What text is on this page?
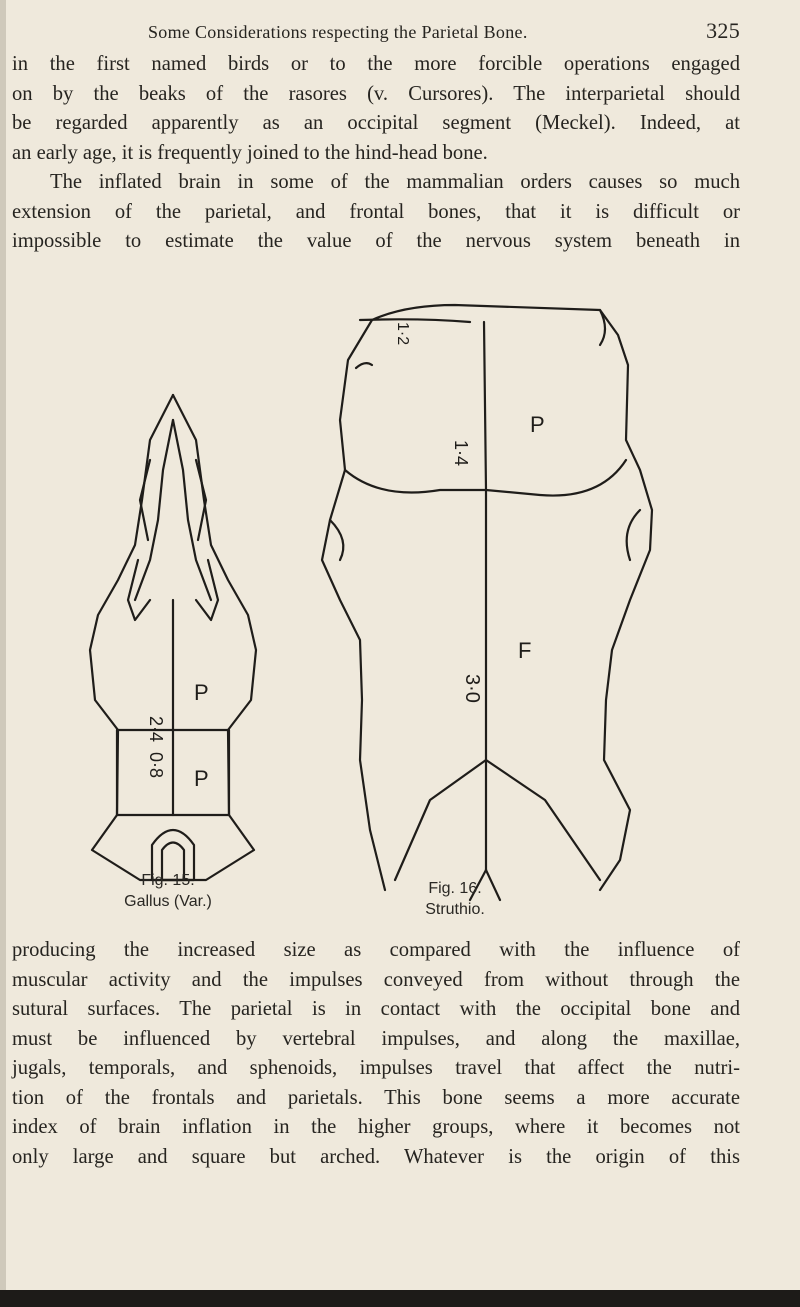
Some Considerations respecting the Parietal Bone.	325
in the first named birds or to the more forcible operations engaged
on by the beaks of the rasores (v. Cursores). The interparietal should
be regarded apparently as an occipital segment (Meckel). Indeed, at
an early age, it is frequently joined to the hind-head bone.
The inflated brain in some of the mammalian orders causes so much
extension of the parietal, and frontal bones, that it is difficult or
impossible to estimate the value of the nervous system beneath in
P
P
2·4
0·8
P
F
1·2
1·4
3·0
Fig. 15.
Gallus (Var.)
Fig. 16.
Struthio.
producing the increased size as compared with the influence of
muscular activity and the impulses conveyed from without through the
sutural surfaces. The parietal is in contact with the occipital bone and
must be influenced by vertebral impulses, and along the maxillae,
jugals, temporals, and sphenoids, impulses travel that affect the nutri-
tion of the frontals and parietals. This bone seems a more accurate
index of brain inflation in the higher groups, where it becomes not
only large and square but arched. Whatever is the origin of this
